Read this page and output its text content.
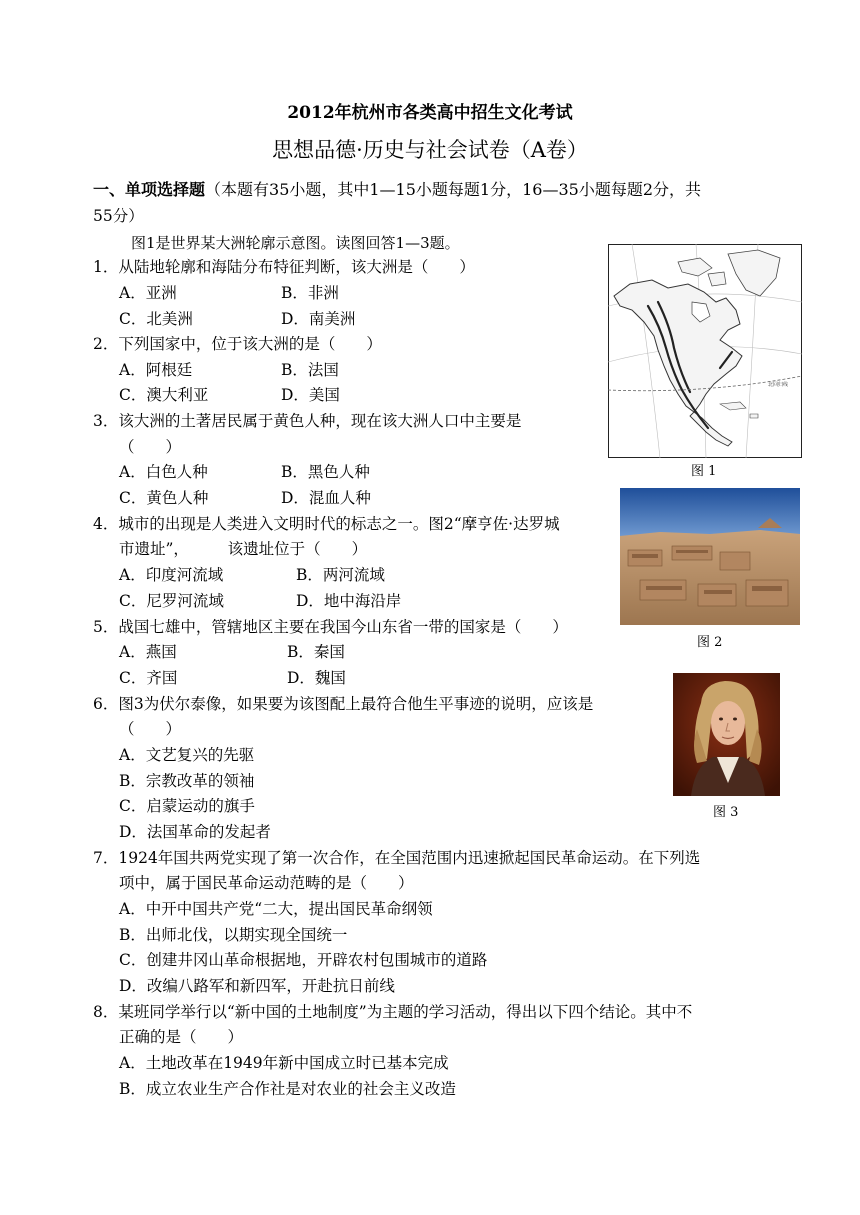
2012年杭州市各类高中招生文化考试
思想品德·历史与社会试卷（A卷）
一、单项选择题（本题有35小题，其中1—15小题每题1分，16—35小题每题2分，共
55分）
图1是世界某大洲轮廓示意图。读图回答1—3题。
1．从陆地轮廓和海陆分布特征判断，该大洲是（　　）
A．亚洲	B．非洲
C．北美洲	D．南美洲
2．下列国家中，位于该大洲的是（　　）
A．阿根廷	B．法国
C．澳大利亚	D．美国
3．该大洲的土著居民属于黄色人种，现在该大洲人口中主要是
（　　）
A．白色人种	B．黑色人种
C．黄色人种	D．混血人种
4．城市的出现是人类进入文明时代的标志之一。图2“摩亨佐·达罗城
市遗址”，　　　该遗址位于（　　）
A．印度河流域	B．两河流域
C．尼罗河流域	D．地中海沿岸
5．战国七雄中，管辖地区主要在我国今山东省一带的国家是（　　）
A．燕国	B．秦国
C．齐国	D．魏国
6．图3为伏尔泰像，如果要为该图配上最符合他生平事迹的说明，应该是
（　　）
A．文艺复兴的先驱
B．宗教改革的领袖
C．启蒙运动的旗手
D．法国革命的发起者
7．1924年国共两党实现了第一次合作，在全国范围内迅速掀起国民革命运动。在下列选
项中，属于国民革命运动范畴的是（　　）
A．中开中国共产党“二大，提出国民革命纲领
B．出师北伐，以期实现全国统一
C．创建井冈山革命根据地，开辟农村包围城市的道路
D．改编八路军和新四军，开赴抗日前线
8．某班同学举行以“新中国的土地制度”为主题的学习活动，得出以下四个结论。其中不
正确的是（　　）
A．土地改革在1949年新中国成立时已基本完成
B．成立农业生产合作社是对农业的社会主义改造
北回归线
图 1
图 2
图 3
